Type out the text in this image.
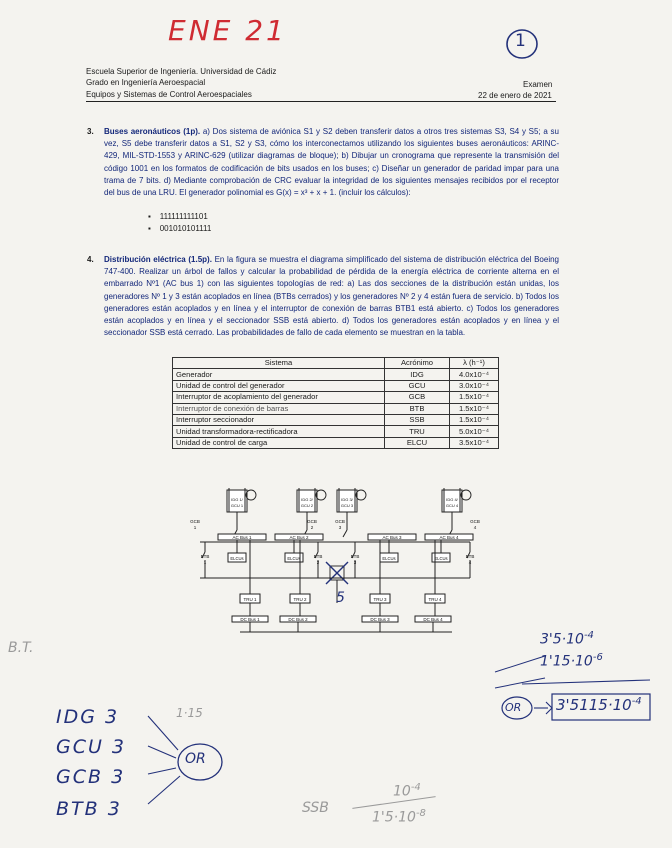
ENE 21	1
Escuela Superior de Ingeniería. Universidad de Cádiz
Grado en Ingeniería Aeroespacial
Equipos y Sistemas de Control Aeroespaciales
Examen
22 de enero de 2021
3. Buses aeronáuticos (1p). a) Dos sistema de aviónica S1 y S2 deben transferir datos a otros tres sistemas S3, S4 y S5; a su vez, S5 debe transferir datos a S1, S2 y S3, cómo los interconectamos utilizando los siguientes buses aeronáuticos: ARINC-429, MIL-STD-1553 y ARINC-629 (utilizar diagramas de bloque); b) Dibujar un cronograma que represente la transmisión del código 1001 en los formatos de codificación de bits usados en los buses; c) Diseñar un generador de paridad impar para una trama de 7 bits. d) Mediante comprobación de CRC evaluar la integridad de los siguientes mensajes recibidos por el receptor del bus de una LRU. El generador polinomial es G(x) = x³ + x + 1. (incluir los cálculos):
▪    111111111101
▪    001010101111
4. Distribución eléctrica (1.5p). En la figura se muestra el diagrama simplificado del sistema de distribución eléctrica del Boeing 747-400. Realizar un árbol de fallos y calcular la probabilidad de pérdida de la energía eléctrica de corriente alterna en el embarrado Nº1 (AC bus 1) con las siguientes topologías de red: a) Las dos secciones de la distribución están unidas, los generadores Nº 1 y 3 están acoplados en línea (BTBs cerrados) y los generadores Nº 2 y 4 están fuera de servicio. b) Todos los generadores están acoplados y en línea y el interruptor de conexión de barras BTB1 está abierto. c) Todos los generadores están acoplados y en línea y el seccionador SSB está abierto. d) Todos los generadores están acoplados y en línea y el seccionador SSB está cerrado. Las probabilidades de fallo de cada elemento se muestran en la tabla.
Sistema	Acrónimo	λ (h⁻¹)
Generador	IDG	4.0x10⁻⁴
Unidad de control del generador	GCU	3.0x10⁻⁴
Interruptor de acoplamiento del generador	GCB	1.5x10⁻⁴
Interruptor de conexión de barras	BTB	1.5x10⁻⁴
Interruptor seccionador	SSB	1.5x10⁻⁴
Unidad transformadora-rectificadora	TRU	5.0x10⁻⁴
Unidad de control de carga	ELCU	3.5x10⁻⁴
IDG 1/
GCU 1
GCB
1
AC Bus 1
BTB
1
ELCUs
TRU 1
DC Bus 1
IDG 2/
GCU 2
GCB
2
AC Bus 2
BTB
2
ELCUs
TRU 2
DC Bus 2
IDG 3/
GCU 3
GCB
3
AC Bus 3
BTB
3
ELCUs
TRU 3
DC Bus 3
IDG 4/
GCU 4
GCB
4
AC Bus 4
BTB
4
ELCUs
TRU 4
DC Bus 4
5
B.T.
IDG 3
GCU 3
GCB 3
BTB 3
1·15
OR
$3'5\cdot 10^{-4}$
$1'15\cdot 10^{-6}$
OR $3'5115\cdot 10^{-4}$
SSB
$10^{-4}$
$1'5\cdot 10^{-8}$
